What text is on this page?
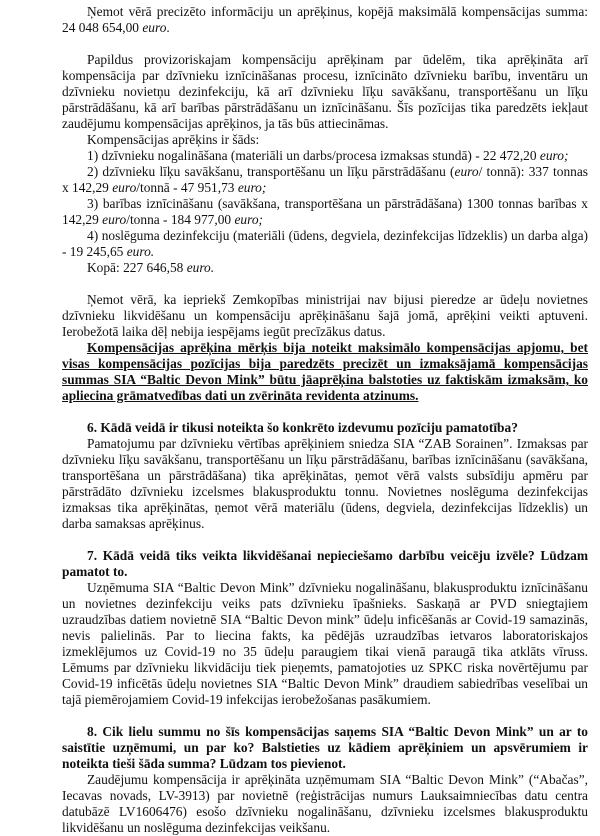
Ņemot vērā precizēto informāciju un aprēķinus, kopējā maksimālā kompensācijas summa: 24 048 654,00 euro.
Papildus provizoriskajam kompensāciju aprēķinam par ūdelēm, tika aprēķināta arī kompensācija par dzīvnieku iznīcināšanas procesu, iznīcināto dzīvnieku barību, inventāru un dzīvnieku novietņu dezinfekciju, kā arī dzīvnieku līķu savākšanu, transportēšanu un līķu pārstrādāšanu, kā arī barības pārstrādāšanu un iznīcināšanu. Šīs pozīcijas tika paredzēts iekļaut zaudējumu kompensācijas aprēķinos, ja tās būs attiecināmas.
Kompensācijas aprēķins ir šāds:
1) dzīvnieku nogalināšana (materiāli un darbs/procesa izmaksas stundā) - 22 472,20 euro;
2) dzīvnieku līķu savākšanu, transportēšanu un līķu pārstrādāšanu (euro/ tonnā): 337 tonnas x 142,29 euro/tonnā - 47 951,73 euro;
3) barības iznīcināšanu (savākšana, transportēšana un pārstrādāšana) 1300 tonnas barības x 142,29 euro/tonna - 184 977,00 euro;
4) noslēguma dezinfekciju (materiāli (ūdens, degviela, dezinfekcijas līdzeklis) un darba alga) - 19 245,65 euro.
Kopā: 227 646,58 euro.
Ņemot vērā, ka iepriekš Zemkopības ministrijai nav bijusi pieredze ar ūdeļu novietnes dzīvnieku likvidēšanu un kompensāciju aprēķināšanu šajā jomā, aprēķini veikti aptuveni. Ierobežotā laika dēļ nebija iespējams iegūt precīzākus datus.
Kompensācijas aprēķina mērķis bija noteikt maksimālo kompensācijas apjomu, bet visas kompensācijas pozīcijas bija paredzēts precizēt un izmaksājamā kompensācijas summas SIA “Baltic Devon Mink” būtu jāaprēķina balstoties uz faktiskām izmaksām, ko apliecina grāmatvedības dati un zvērināta revidenta atzinums.
6. Kādā veidā ir tikusi noteikta šo konkrēto izdevumu pozīciju pamatotība?
Pamatojumu par dzīvnieku vērtības aprēķiniem sniedza SIA “ZAB Sorainen”. Izmaksas par dzīvnieku līķu savākšanu, transportēšanu un līķu pārstrādāšanu, barības iznīcināšanu (savākšana, transportēšana un pārstrādāšana) tika aprēķinātas, ņemot vērā valsts subsīdiju apmēru par pārstrādāto dzīvnieku izcelsmes blakusproduktu tonnu. Novietnes noslēguma dezinfekcijas izmaksas tika aprēķinātas, ņemot vērā materiālu (ūdens, degviela, dezinfekcijas līdzeklis) un darba samaksas aprēķinus.
7. Kādā veidā tiks veikta likvidēšanai nepieciešamo darbību veicēju izvēle? Lūdzam pamatot to.
Uzņēmuma SIA “Baltic Devon Mink” dzīvnieku nogalināšanu, blakusproduktu iznīcināšanu un novietnes dezinfekciju veiks pats dzīvnieku īpašnieks. Saskaņā ar PVD sniegtajiem uzraudzības datiem novietnē SIA “Baltic Devon mink” ūdeļu inficēšanās ar Covid-19 samazinās, nevis palielinās. Par to liecina fakts, ka pēdējās uzraudzības ietvaros laboratoriskajos izmeklējumos uz Covid-19 no 35 ūdeļu paraugiem tikai vienā paraugā tika atklāts vīruss. Lēmums par dzīvnieku likvidāciju tiek pieņemts, pamatojoties uz SPKC riska novērtējumu par Covid-19 inficētās ūdeļu novietnes SIA “Baltic Devon Mink” draudiem sabiedrības veselībai un tajā piemērojamiem Covid-19 infekcijas ierobežošanas pasākumiem.
8. Cik lielu summu no šīs kompensācijas saņems SIA “Baltic Devon Mink” un ar to saistītie uzņēmumi, un par ko? Balstieties uz kādiem aprēķiniem un apsvērumiem ir noteikta tieši šāda summa? Lūdzam tos pievienot.
Zaudējumu kompensācija ir aprēķināta uzņēmumam SIA “Baltic Devon Mink” (“Abačas”, Iecavas novads, LV-3913) par novietnē (reģistrācijas numurs Lauksaimniecības datu centra datubāzē LV1606476) esošo dzīvnieku nogalināšanu, dzīvnieku izcelsmes blakusproduktu likvidēšanu un noslēguma dezinfekcijas veikšanu.
